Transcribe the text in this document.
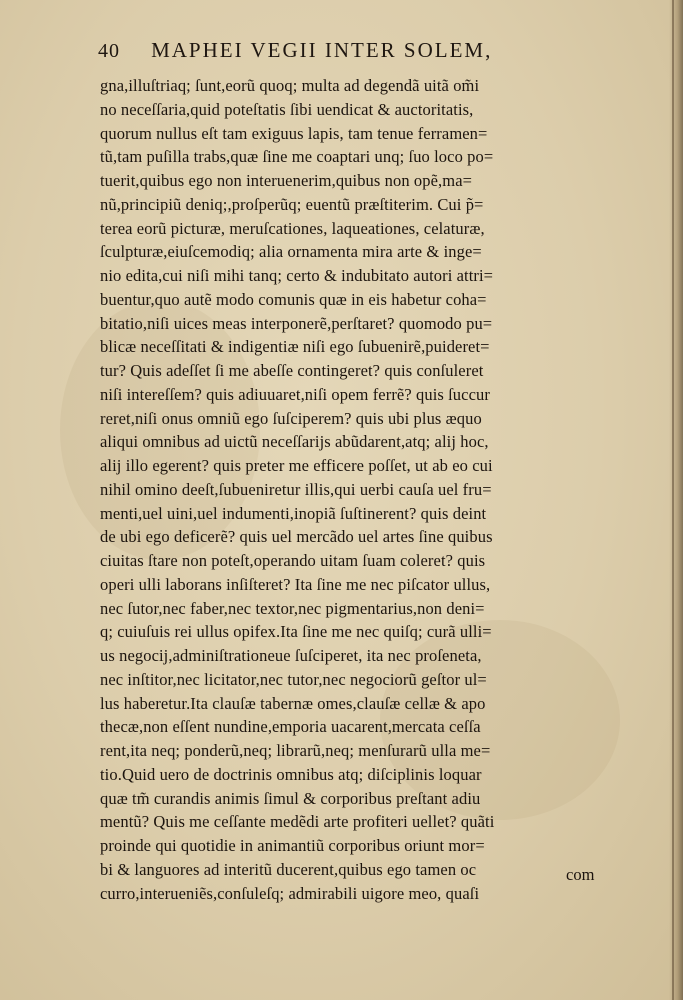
40 MAPHEI VEGII INTER SOLEM,
gna,illuſtriaq; ſunt,eorũ quoq; multa ad degendã uitã om̃i
no neceſſaria,quid poteſtatis ſibi uendicat & auctoritatis,
quorum nullus eſt tam exiguus lapis, tam tenue ferramen=
tũ,tam puſilla trabs,quæ ſine me coaptari unq; ſuo loco po=
tuerit,quibus ego non interuenerim,quibus non opẽ,ma=
nũ,principiũ deniq;,proſperũq; euentũ præſtiterim. Cui p̃=
terea eorũ picturæ, meruſcationes, laqueationes, celaturæ,
ſculpturæ,eiuſcemodiq; alia ornamenta mira arte & inge=
nio edita,cui niſi mihi tanq; certo & indubitato autori attri=
buentur,quo autẽ modo comunis quæ in eis habetur coha=
bitatio,niſi uices meas interponerẽ,perſtaret? quomodo pu=
blicæ neceſſitati & indigentiæ niſi ego ſubuenirẽ,puideret=
tur? Quis adeſſet ſi me abeſſe contingeret? quis conſuleret
niſi intereſſem? quis adiuuaret,niſi opem ferrẽ? quis ſuccur
reret,niſi onus omniũ ego ſuſciperem? quis ubi plus æquo
aliqui omnibus ad uictũ neceſſarijs abũdarent,atq; alij hoc,
alij illo egerent? quis preter me efficere poſſet, ut ab eo cui
nihil omino deeſt,ſubueniretur illis,qui uerbi cauſa uel fru=
menti,uel uini,uel indumenti,inopiã ſuſtinerent? quis deint
de ubi ego deficerẽ? quis uel mercãdo uel artes ſine quibus
ciuitas ſtare non poteſt,operando uitam ſuam coleret? quis
operi ulli laborans inſiſteret? Ita ſine me nec piſcator ullus,
nec ſutor,nec faber,nec textor,nec pigmentarius,non deni=
q; cuiuſuis rei ullus opifex.Ita ſine me nec quiſq; curã ulli=
us negocij,adminiſtrationeue ſuſciperet, ita nec proſeneta,
nec inſtitor,nec licitator,nec tutor,nec negociorũ geſtor ul=
lus haberetur.Ita clauſæ tabernæ omes,clauſæ cellæ & apo
thecæ,non eſſent nundine,emporia uacarent,mercata ceſſa
rent,ita neq; ponderũ,neq; librarũ,neq; menſurarũ ulla me=
tio.Quid uero de doctrinis omnibus atq; diſciplinis loquar
quæ tm̃ curandis animis ſimul & corporibus preſtant adiu
mentũ? Quis me ceſſante medẽdi arte profiteri uellet? quãti
proinde qui quotidie in animantiũ corporibus oriunt mor=
bi & languores ad interitũ ducerent,quibus ego tamen oc
curro,interueniẽs,conſuleſq; admirabili uigore meo, quaſi
com
